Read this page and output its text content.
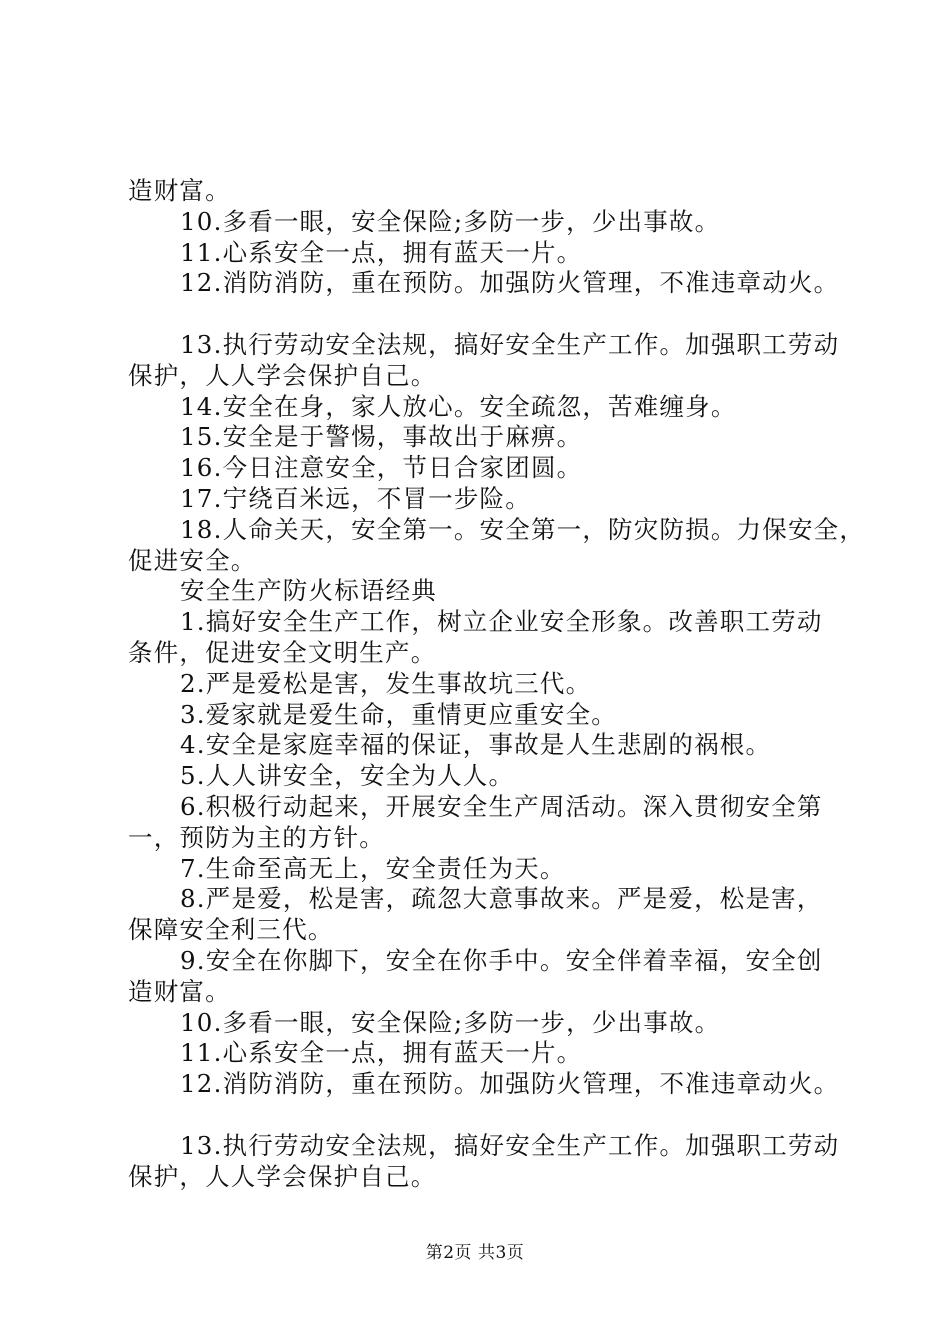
造财富。
10.多看一眼，安全保险;多防一步，少出事故。
11.心系安全一点，拥有蓝天一片。
12.消防消防，重在预防。加强防火管理，不准违章动火。
13.执行劳动安全法规，搞好安全生产工作。加强职工劳动
保护，人人学会保护自己。
14.安全在身，家人放心。安全疏忽，苦难缠身。
15.安全是于警惕，事故出于麻痹。
16.今日注意安全，节日合家团圆。
17.宁绕百米远，不冒一步险。
18.人命关天，安全第一。安全第一，防灾防损。力保安全，
促进安全。
安全生产防火标语经典
1.搞好安全生产工作，树立企业安全形象。改善职工劳动
条件，促进安全文明生产。
2.严是爱松是害，发生事故坑三代。
3.爱家就是爱生命，重情更应重安全。
4.安全是家庭幸福的保证，事故是人生悲剧的祸根。
5.人人讲安全，安全为人人。
6.积极行动起来，开展安全生产周活动。深入贯彻安全第
一，预防为主的方针。
7.生命至高无上，安全责任为天。
8.严是爱，松是害，疏忽大意事故来。严是爱，松是害，
保障安全利三代。
9.安全在你脚下，安全在你手中。安全伴着幸福，安全创
造财富。
10.多看一眼，安全保险;多防一步，少出事故。
11.心系安全一点，拥有蓝天一片。
12.消防消防，重在预防。加强防火管理，不准违章动火。
13.执行劳动安全法规，搞好安全生产工作。加强职工劳动
保护，人人学会保护自己。
第2页 共3页
